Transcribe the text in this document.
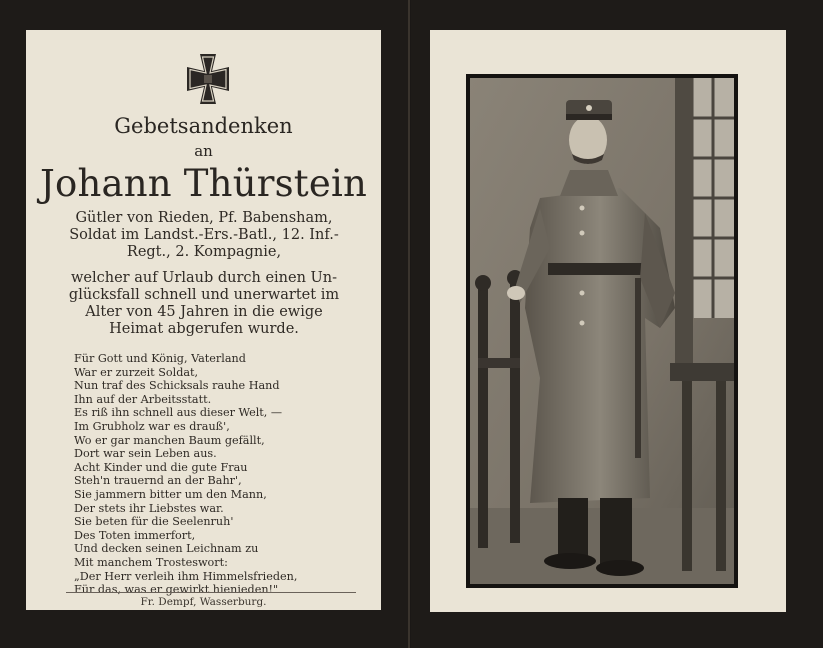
Gebetsandenken
an
Johann Thürstein
Gütler von Rieden, Pf. Babensham,
Soldat im Landst.-Ers.-Batl., 12. Inf.-
Regt., 2. Kompagnie,
welcher auf Urlaub durch einen Un-
glücksfall schnell und unerwartet im
Alter von 45 Jahren in die ewige
Heimat abgerufen wurde.
Für Gott und König, Vaterland
War er zurzeit Soldat,
Nun traf des Schicksals rauhe Hand
Ihn auf der Arbeitsstatt.
Es riß ihn schnell aus dieser Welt, —
Im Grubholz war es drauß',
Wo er gar manchen Baum gefällt,
Dort war sein Leben aus.
Acht Kinder und die gute Frau
Steh'n trauernd an der Bahr',
Sie jammern bitter um den Mann,
Der stets ihr Liebstes war.
Sie beten für die Seelenruh'
Des Toten immerfort,
Und decken seinen Leichnam zu
Mit manchem Trosteswort:
„Der Herr verleih ihm Himmelsfrieden,
Für das, was er gewirkt hienieden!"
Fr. Dempf, Wasserburg.
